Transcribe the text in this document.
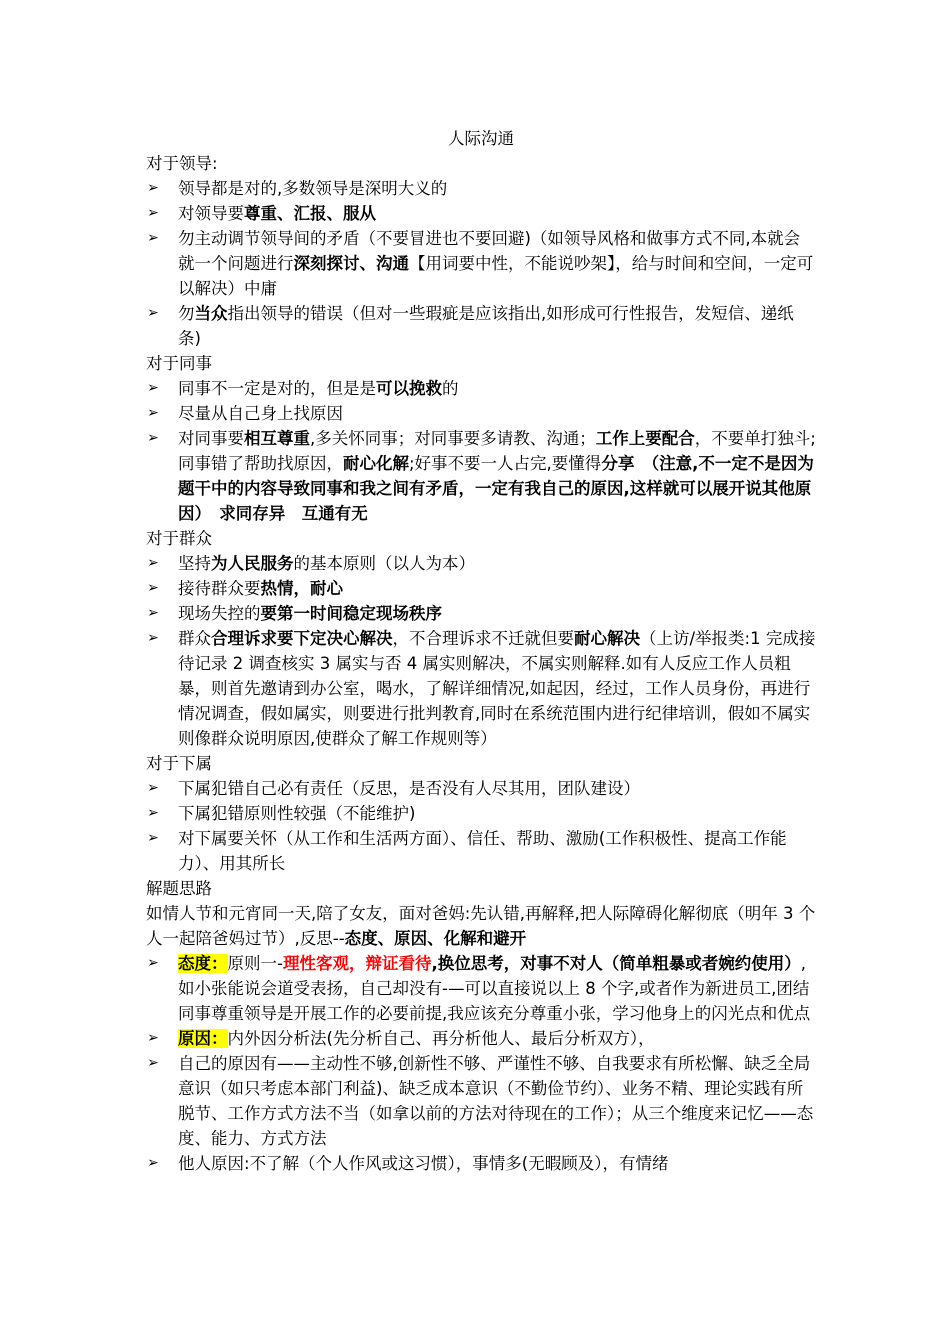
人际沟通
对于领导:
➢ 领导都是对的,多数领导是深明大义的
➢ 对领导要尊重、汇报、服从
➢ 勿主动调节领导间的矛盾（不要冒进也不要回避)（如领导风格和做事方式不同,本就会就一个问题进行深刻探讨、沟通【用词要中性，不能说吵架】，给与时间和空间，一定可以解决）中庸
➢ 勿当众指出领导的错误（但对一些瑕疵是应该指出,如形成可行性报告，发短信、递纸条)
对于同事
➢ 同事不一定是对的，但是是可以挽救的
➢ 尽量从自己身上找原因
➢ 对同事要相互尊重,多关怀同事；对同事要多请教、沟通；工作上要配合，不要单打独斗;同事错了帮助找原因，耐心化解;好事不要一人占完,要懂得分享　（注意,不一定不是因为题干中的内容导致同事和我之间有矛盾，一定有我自己的原因,这样就可以展开说其他原因）　求同存异　互通有无
对于群众
➢ 坚持为人民服务的基本原则（以人为本）
➢ 接待群众要热情，耐心
➢ 现场失控的要第一时间稳定现场秩序
➢ 群众合理诉求要下定决心解决，不合理诉求不迁就但要耐心解决（上访/举报类:1 完成接待记录 2 调查核实 3 属实与否 4 属实则解决，不属实则解释.如有人反应工作人员粗暴，则首先邀请到办公室，喝水，了解详细情况,如起因，经过，工作人员身份，再进行情况调查，假如属实，则要进行批判教育,同时在系统范围内进行纪律培训，假如不属实则像群众说明原因,使群众了解工作规则等）
对于下属
➢ 下属犯错自己必有责任（反思，是否没有人尽其用，团队建设）
➢ 下属犯错原则性较强（不能维护)
➢ 对下属要关怀（从工作和生活两方面）、信任、帮助、激励(工作积极性、提高工作能力）、用其所长
解题思路
如情人节和元宵同一天,陪了女友，面对爸妈:先认错,再解释,把人际障碍化解彻底（明年 3 个人一起陪爸妈过节）,反思--态度、原因、化解和避开
➢ 态度：原则一-理性客观，辩证看待,换位思考，对事不对人（简单粗暴或者婉约使用）,如小张能说会道受表扬，自己却没有-—可以直接说以上 8 个字,或者作为新进员工,团结同事尊重领导是开展工作的必要前提,我应该充分尊重小张，学习他身上的闪光点和优点
➢ 原因：内外因分析法(先分析自己、再分析他人、最后分析双方），
➢ 自己的原因有——主动性不够,创新性不够、严谨性不够、自我要求有所松懈、缺乏全局意识（如只考虑本部门利益)、缺乏成本意识（不勤俭节约）、业务不精、理论实践有所脱节、工作方式方法不当（如拿以前的方法对待现在的工作）；从三个维度来记忆——态度、能力、方式方法
➢ 他人原因:不了解（个人作风或这习惯），事情多(无暇顾及），有情绪
